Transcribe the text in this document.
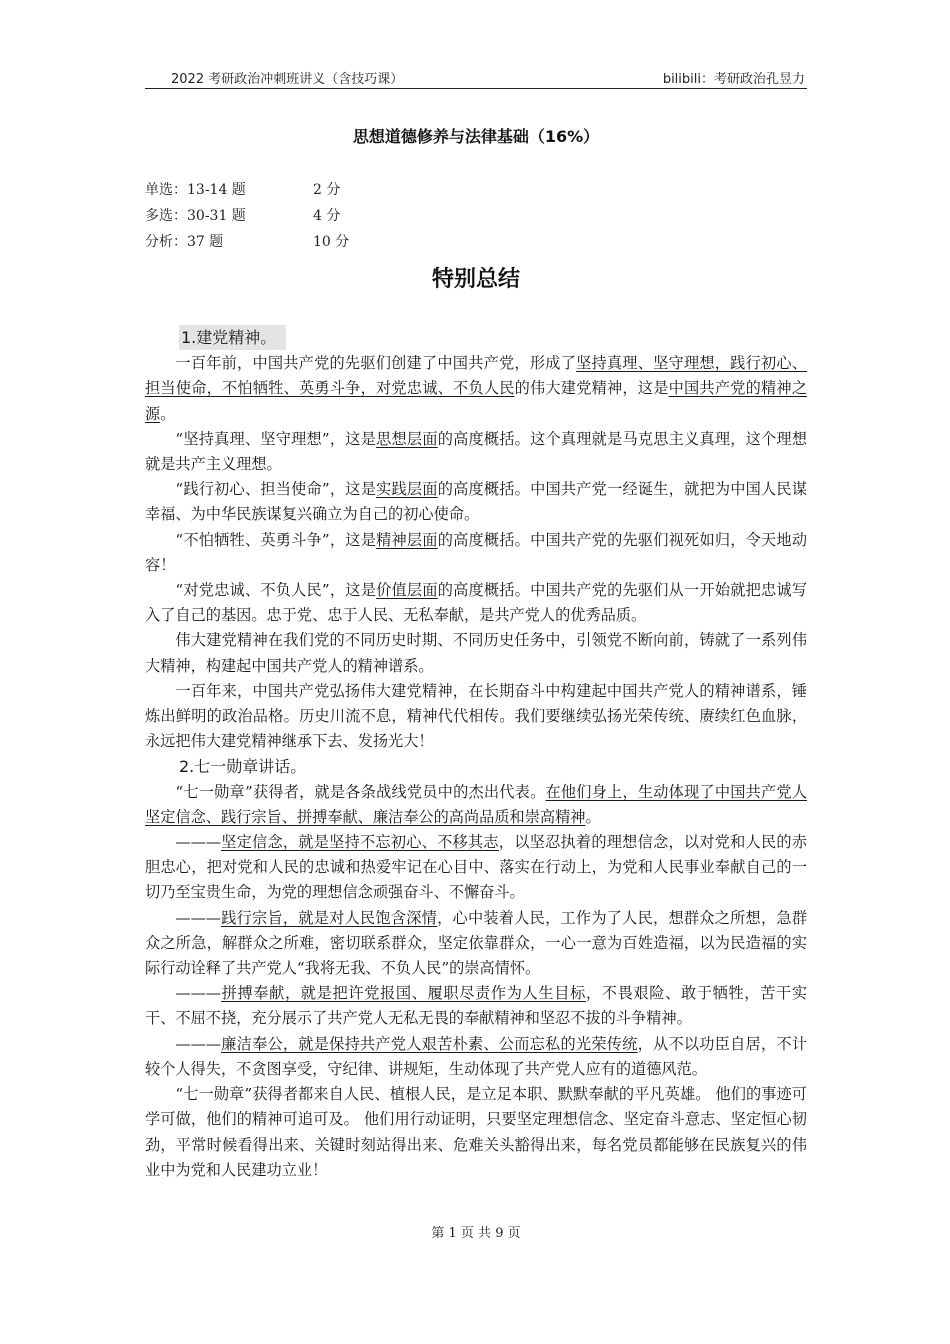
2022 考研政治冲刺班讲义（含技巧课）	bilibili：考研政治孔昱力
思想道德修养与法律基础（16%）
单选：13-14 题	2 分
多选：30-31 题	4 分
分析：37 题	10 分
特别总结

1.建党精神。

一百年前，中国共产党的先驱们创建了中国共产党，形成了坚持真理、坚守理想，践行初心、担当使命，不怕牺牲、英勇斗争，对党忠诚、不负人民的伟大建党精神，这是中国共产党的精神之源。

“坚持真理、坚守理想”，这是思想层面的高度概括。这个真理就是马克思主义真理，这个理想就是共产主义理想。

“践行初心、担当使命”，这是实践层面的高度概括。中国共产党一经诞生，就把为中国人民谋幸福、为中华民族谋复兴确立为自己的初心使命。

“不怕牺牲、英勇斗争”，这是精神层面的高度概括。中国共产党的先驱们视死如归，令天地动容！

“对党忠诚、不负人民”，这是价值层面的高度概括。中国共产党的先驱们从一开始就把忠诚写入了自己的基因。忠于党、忠于人民、无私奉献，是共产党人的优秀品质。

伟大建党精神在我们党的不同历史时期、不同历史任务中，引领党不断向前，铸就了一系列伟大精神，构建起中国共产党人的精神谱系。

一百年来，中国共产党弘扬伟大建党精神，在长期奋斗中构建起中国共产党人的精神谱系，锤炼出鲜明的政治品格。历史川流不息，精神代代相传。我们要继续弘扬光荣传统、赓续红色血脉，永远把伟大建党精神继承下去、发扬光大！

2.七一勋章讲话。

“七一勋章”获得者，就是各条战线党员中的杰出代表。在他们身上，生动体现了中国共产党人坚定信念、践行宗旨、拼搏奉献、廉洁奉公的高尚品质和崇高精神。

———坚定信念，就是坚持不忘初心、不移其志，以坚忍执着的理想信念，以对党和人民的赤胆忠心，把对党和人民的忠诚和热爱牢记在心目中、落实在行动上，为党和人民事业奉献自己的一切乃至宝贵生命，为党的理想信念顽强奋斗、不懈奋斗。

———践行宗旨，就是对人民饱含深情，心中装着人民，工作为了人民，想群众之所想，急群众之所急，解群众之所难，密切联系群众，坚定依靠群众，一心一意为百姓造福，以为民造福的实际行动诠释了共产党人“我将无我、不负人民”的崇高情怀。

———拼搏奉献，就是把许党报国、履职尽责作为人生目标，不畏艰险、敢于牺牲，苦干实干、不屈不挠，充分展示了共产党人无私无畏的奉献精神和坚忍不拔的斗争精神。

———廉洁奉公，就是保持共产党人艰苦朴素、公而忘私的光荣传统，从不以功臣自居，不计较个人得失，不贪图享受，守纪律、讲规矩，生动体现了共产党人应有的道德风范。

“七一勋章”获得者都来自人民、植根人民，是立足本职、默默奉献的平凡英雄。 他们的事迹可学可做，他们的精神可追可及。 他们用行动证明，只要坚定理想信念、坚定奋斗意志、坚定恒心韧劲，平常时候看得出来、关键时刻站得出来、危难关头豁得出来，每名党员都能够在民族复兴的伟业中为党和人民建功立业！

第 1 页 共 9 页
